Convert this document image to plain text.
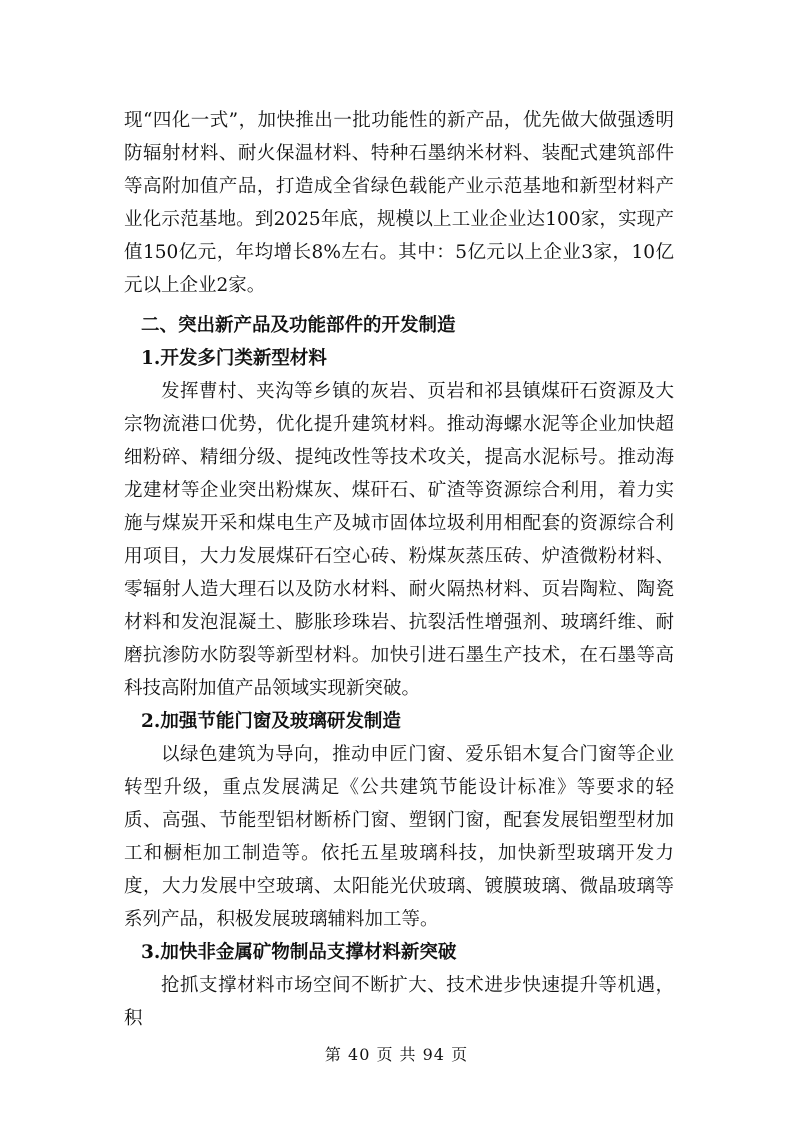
现“四化一式”，加快推出一批功能性的新产品，优先做大做强透明防辐射材料、耐火保温材料、特种石墨纳米材料、装配式建筑部件等高附加值产品，打造成全省绿色载能产业示范基地和新型材料产业化示范基地。到2025年底，规模以上工业企业达100家，实现产值150亿元，年均增长8%左右。其中：5亿元以上企业3家，10亿元以上企业2家。

二、突出新产品及功能部件的开发制造

1.开发多门类新型材料

发挥曹村、夹沟等乡镇的灰岩、页岩和祁县镇煤矸石资源及大宗物流港口优势，优化提升建筑材料。推动海螺水泥等企业加快超细粉碎、精细分级、提纯改性等技术攻关，提高水泥标号。推动海龙建材等企业突出粉煤灰、煤矸石、矿渣等资源综合利用，着力实施与煤炭开采和煤电生产及城市固体垃圾利用相配套的资源综合利用项目，大力发展煤矸石空心砖、粉煤灰蒸压砖、炉渣微粉材料、零辐射人造大理石以及防水材料、耐火隔热材料、页岩陶粒、陶瓷材料和发泡混凝土、膨胀珍珠岩、抗裂活性增强剂、玻璃纤维、耐磨抗渗防水防裂等新型材料。加快引进石墨生产技术，在石墨等高科技高附加值产品领域实现新突破。

2.加强节能门窗及玻璃研发制造

以绿色建筑为导向，推动申匠门窗、爱乐铝木复合门窗等企业转型升级，重点发展满足《公共建筑节能设计标准》等要求的轻质、高强、节能型铝材断桥门窗、塑钢门窗，配套发展铝塑型材加工和橱柜加工制造等。依托五星玻璃科技，加快新型玻璃开发力度，大力发展中空玻璃、太阳能光伏玻璃、镀膜玻璃、微晶玻璃等系列产品，积极发展玻璃辅料加工等。

3.加快非金属矿物制品支撑材料新突破

抢抓支撑材料市场空间不断扩大、技术进步快速提升等机遇，积

第 40 页 共 94 页
